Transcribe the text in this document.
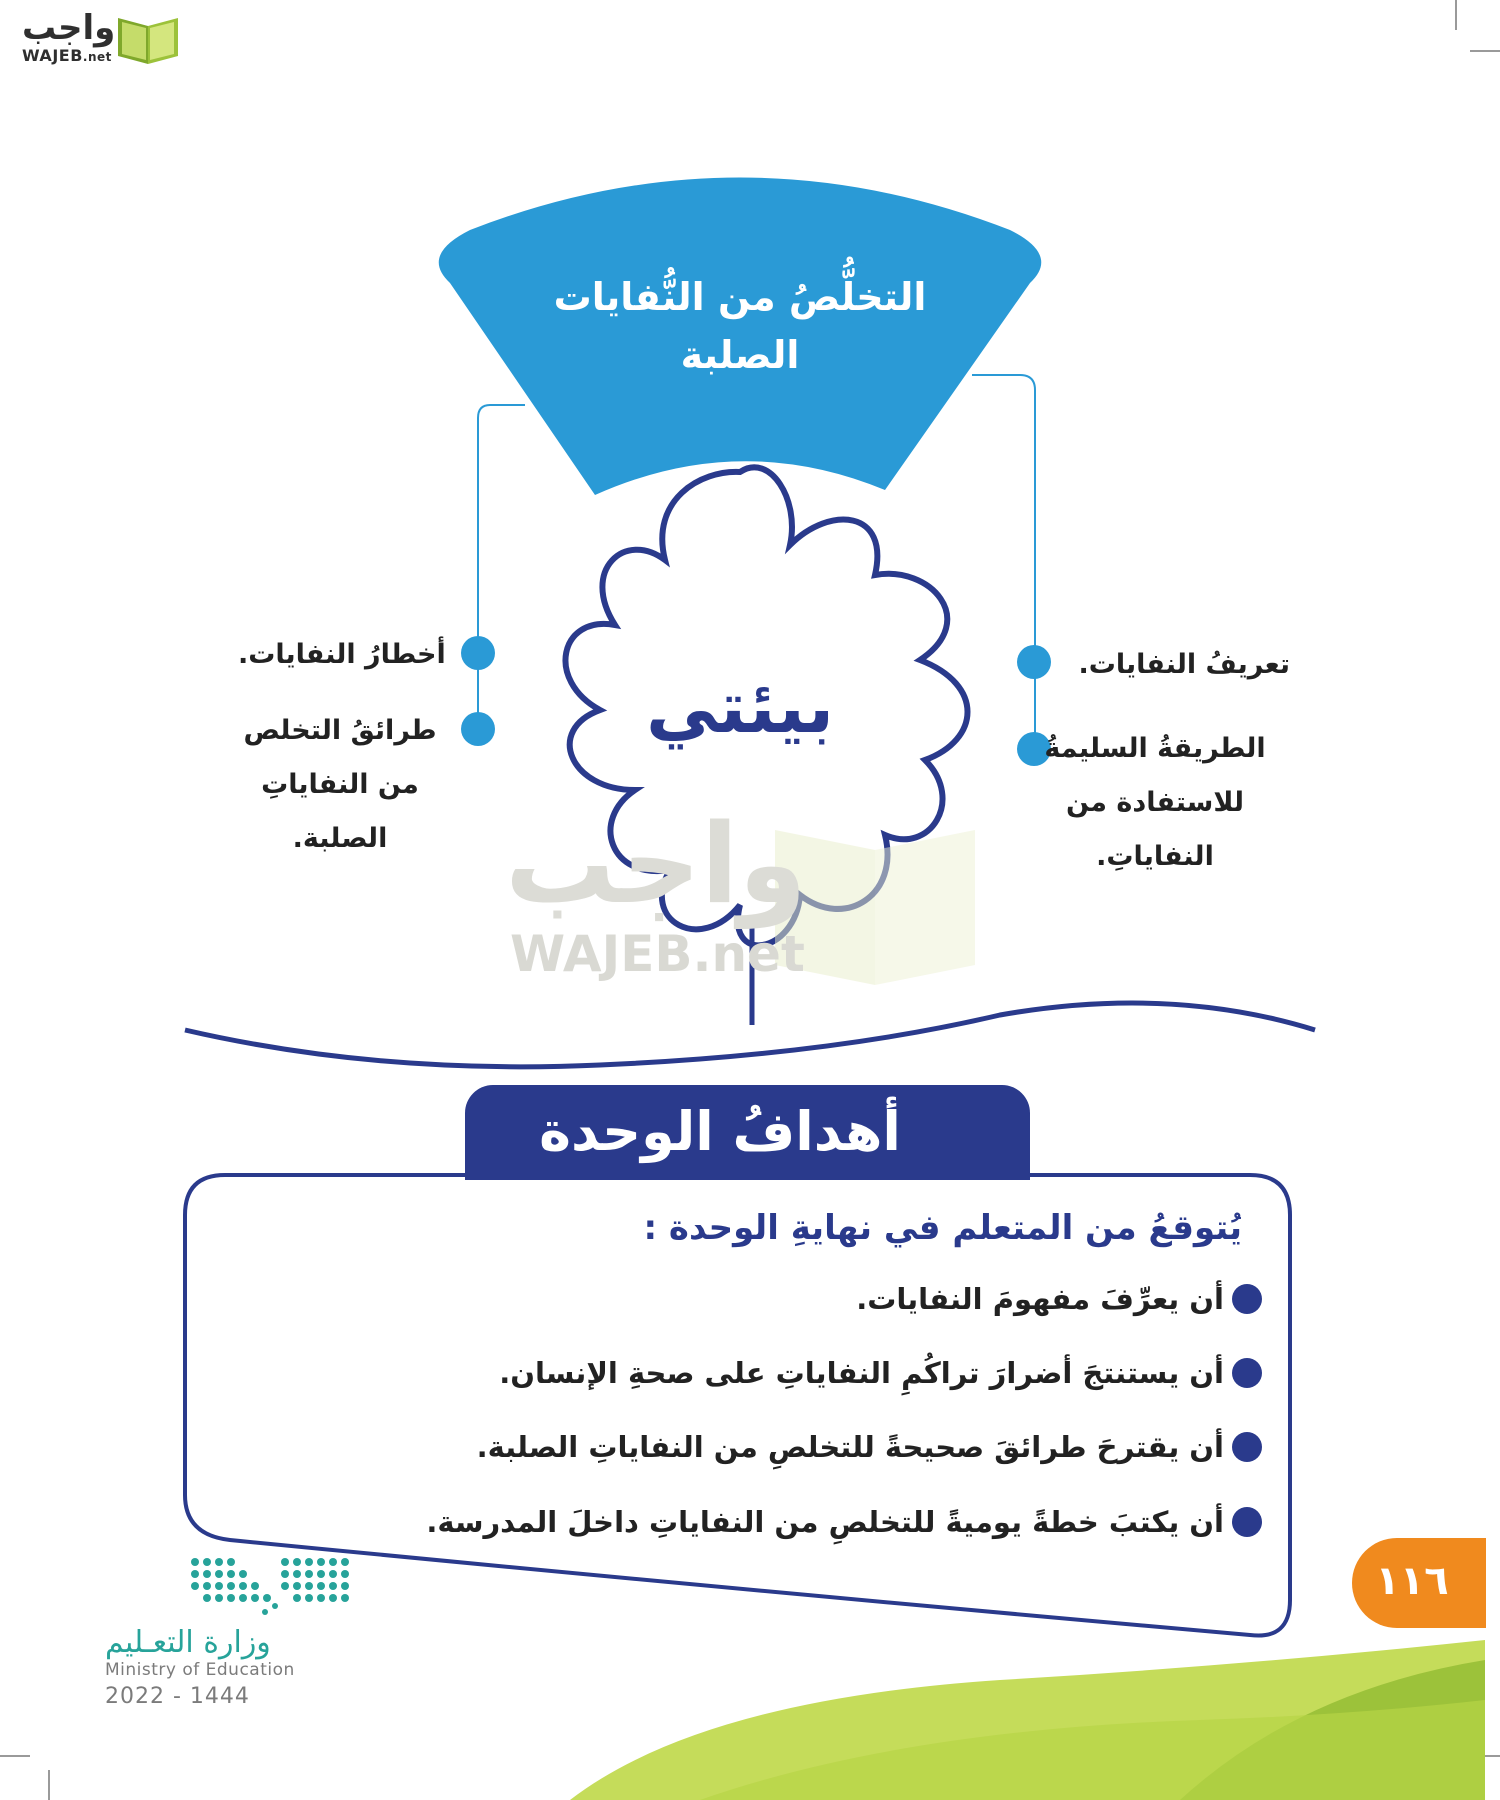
واجب
WAJEB.net
التخلُّصُ من النُّفايات
الصلبة
بيئتي
تعريفُ النفايات.
الطريقةُ السليمةُ
للاستفادة من
النفاياتِ.
أخطارُ النفايات.
طرائقُ التخلص
من النفاياتِ
الصلبة.	واجب
WAJEB.net
أهدافُ الوحدة
يُتوقعُ من المتعلم في نهايةِ الوحدة :
أن يعرِّفَ مفهومَ النفايات.
أن يستنتجَ أضرارَ تراكُمِ النفاياتِ على صحةِ الإنسان.
أن يقترحَ طرائقَ صحيحةً للتخلصِ من النفاياتِ الصلبة.
أن يكتبَ خطةً يوميةً للتخلصِ من النفاياتِ داخلَ المدرسة.
١١٦
وزارة التعـليم
Ministry of Education
2022 - 1444
